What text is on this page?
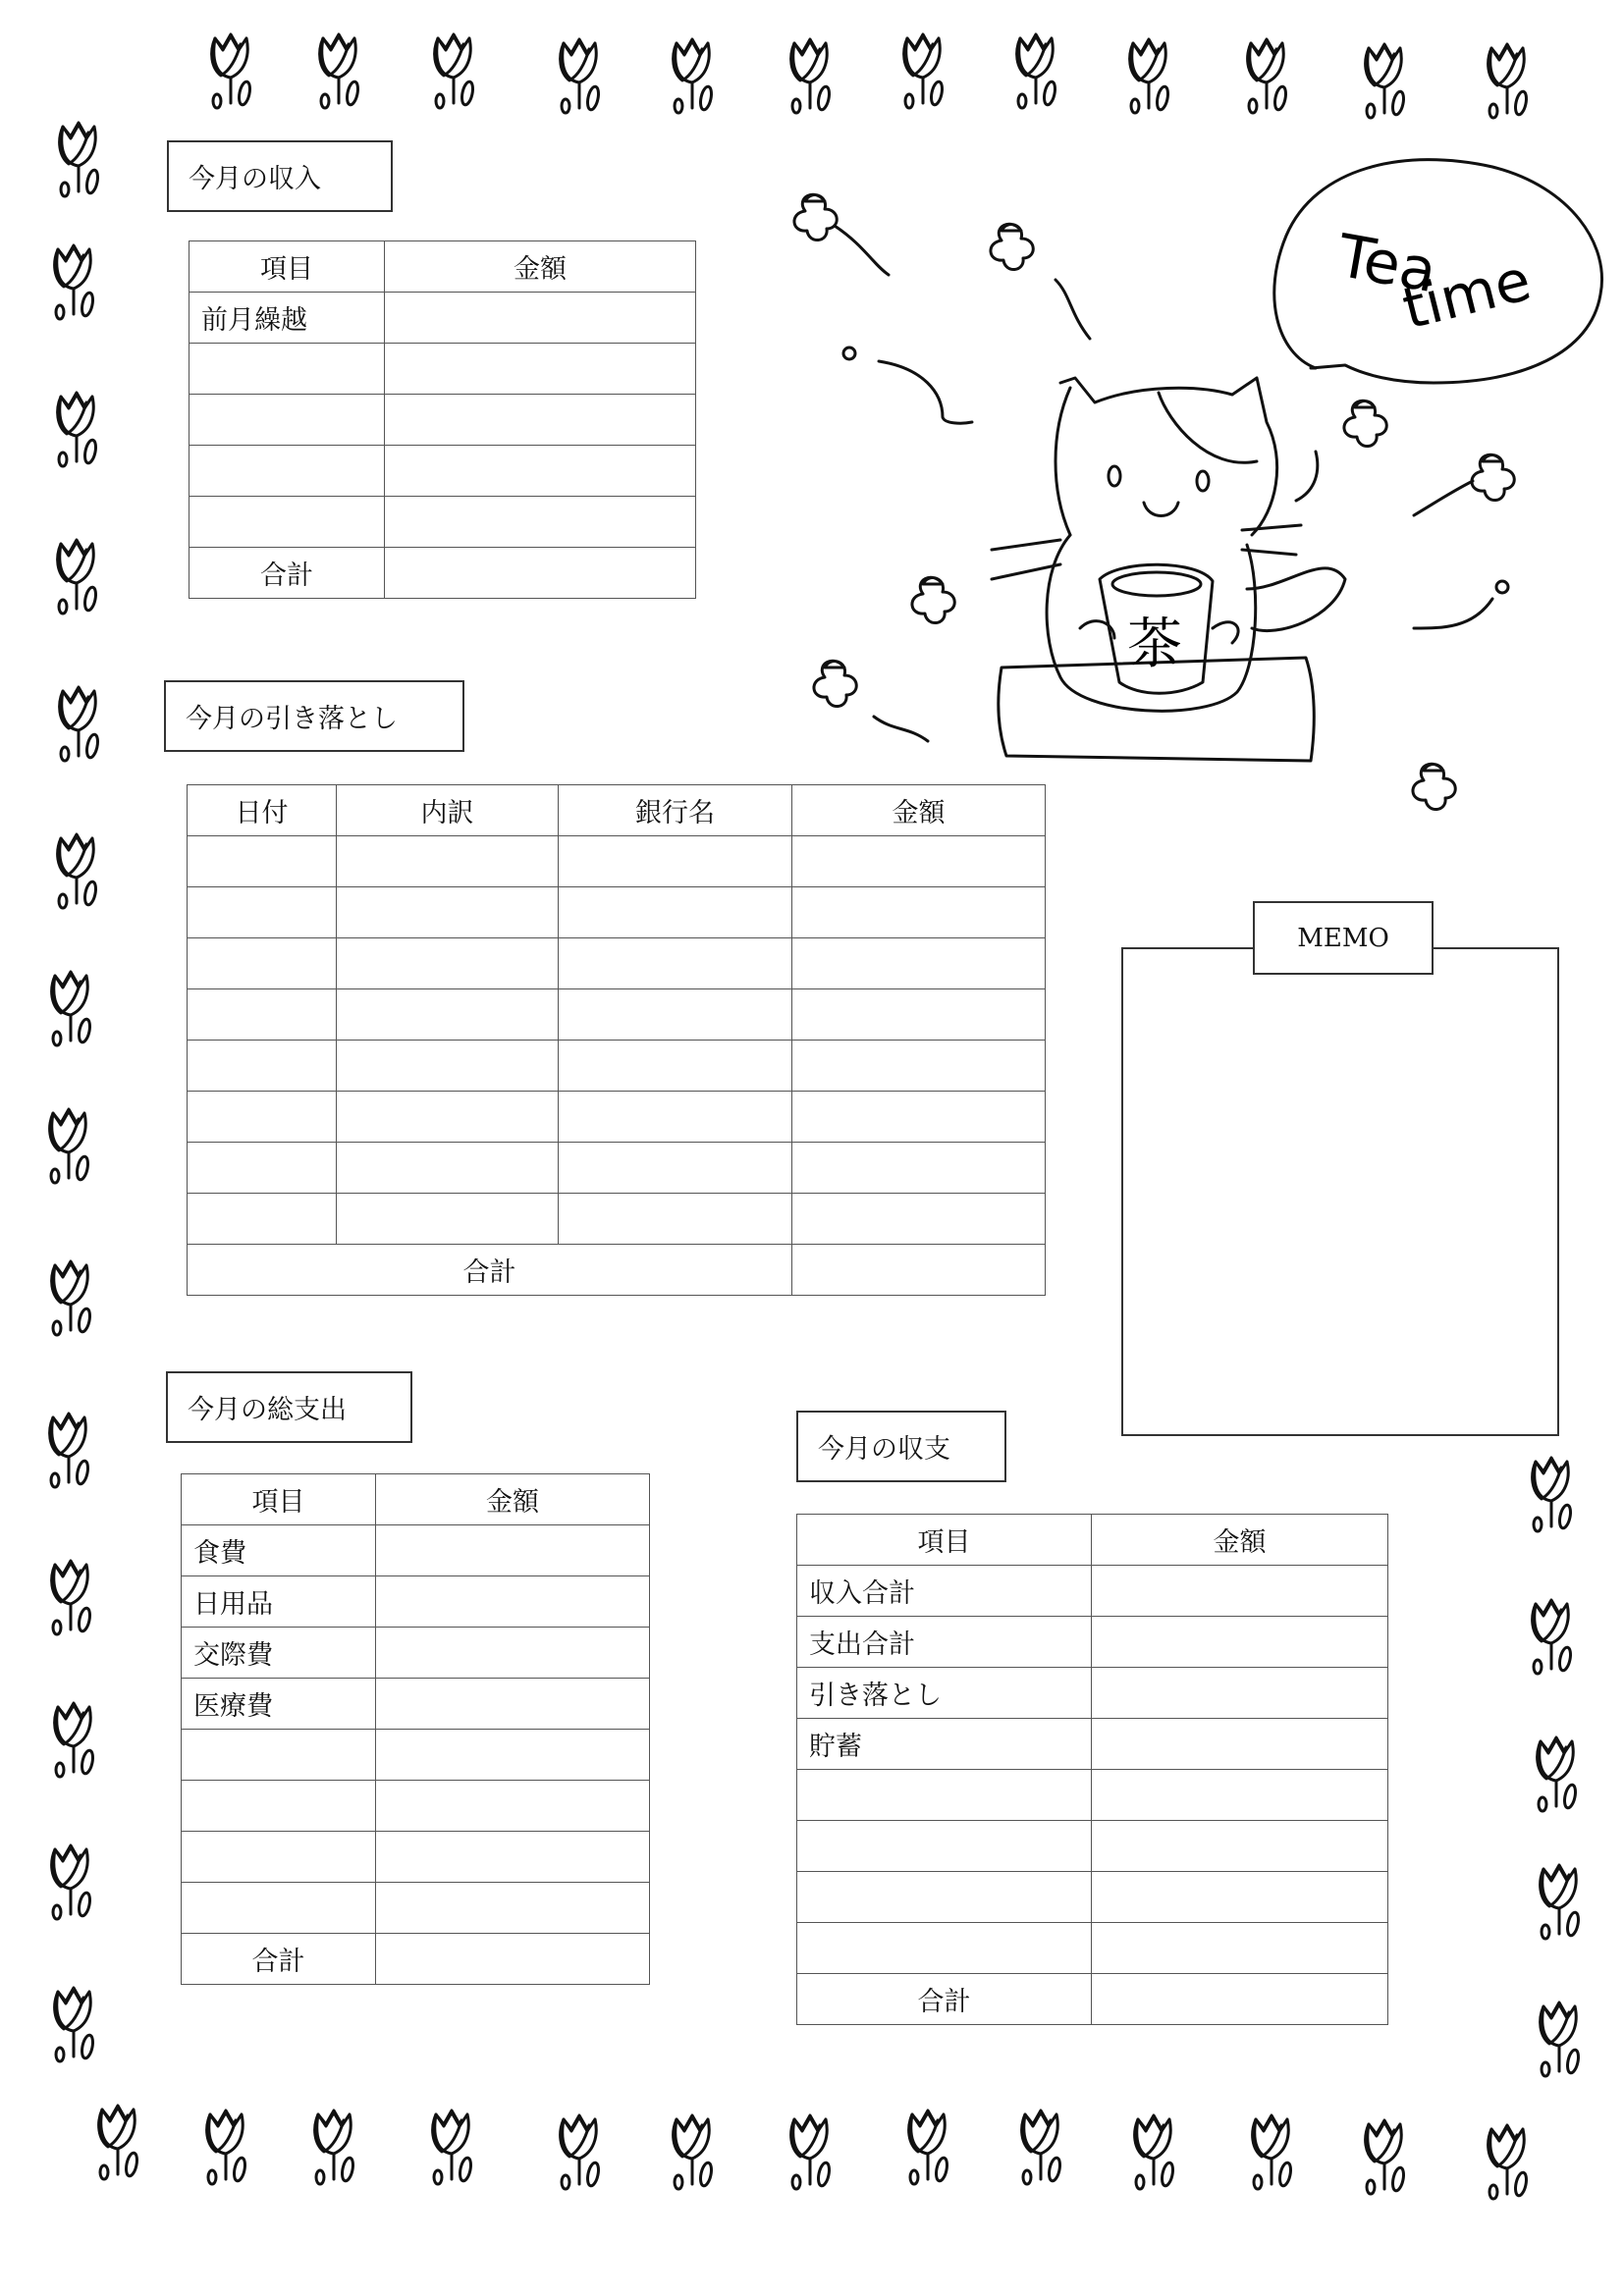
Tea
time
茶
今月の収入
項目	金額
前月繰越	

合計	
今月の引き落とし
日付	内訳	銀行名	金額

合計			
MEMO
今月の総支出
項目	金額
食費	
日用品	
交際費	
医療費	

合計	
今月の収支
項目	金額
収入合計	
支出合計	
引き落とし	
貯蓄	

合計	
